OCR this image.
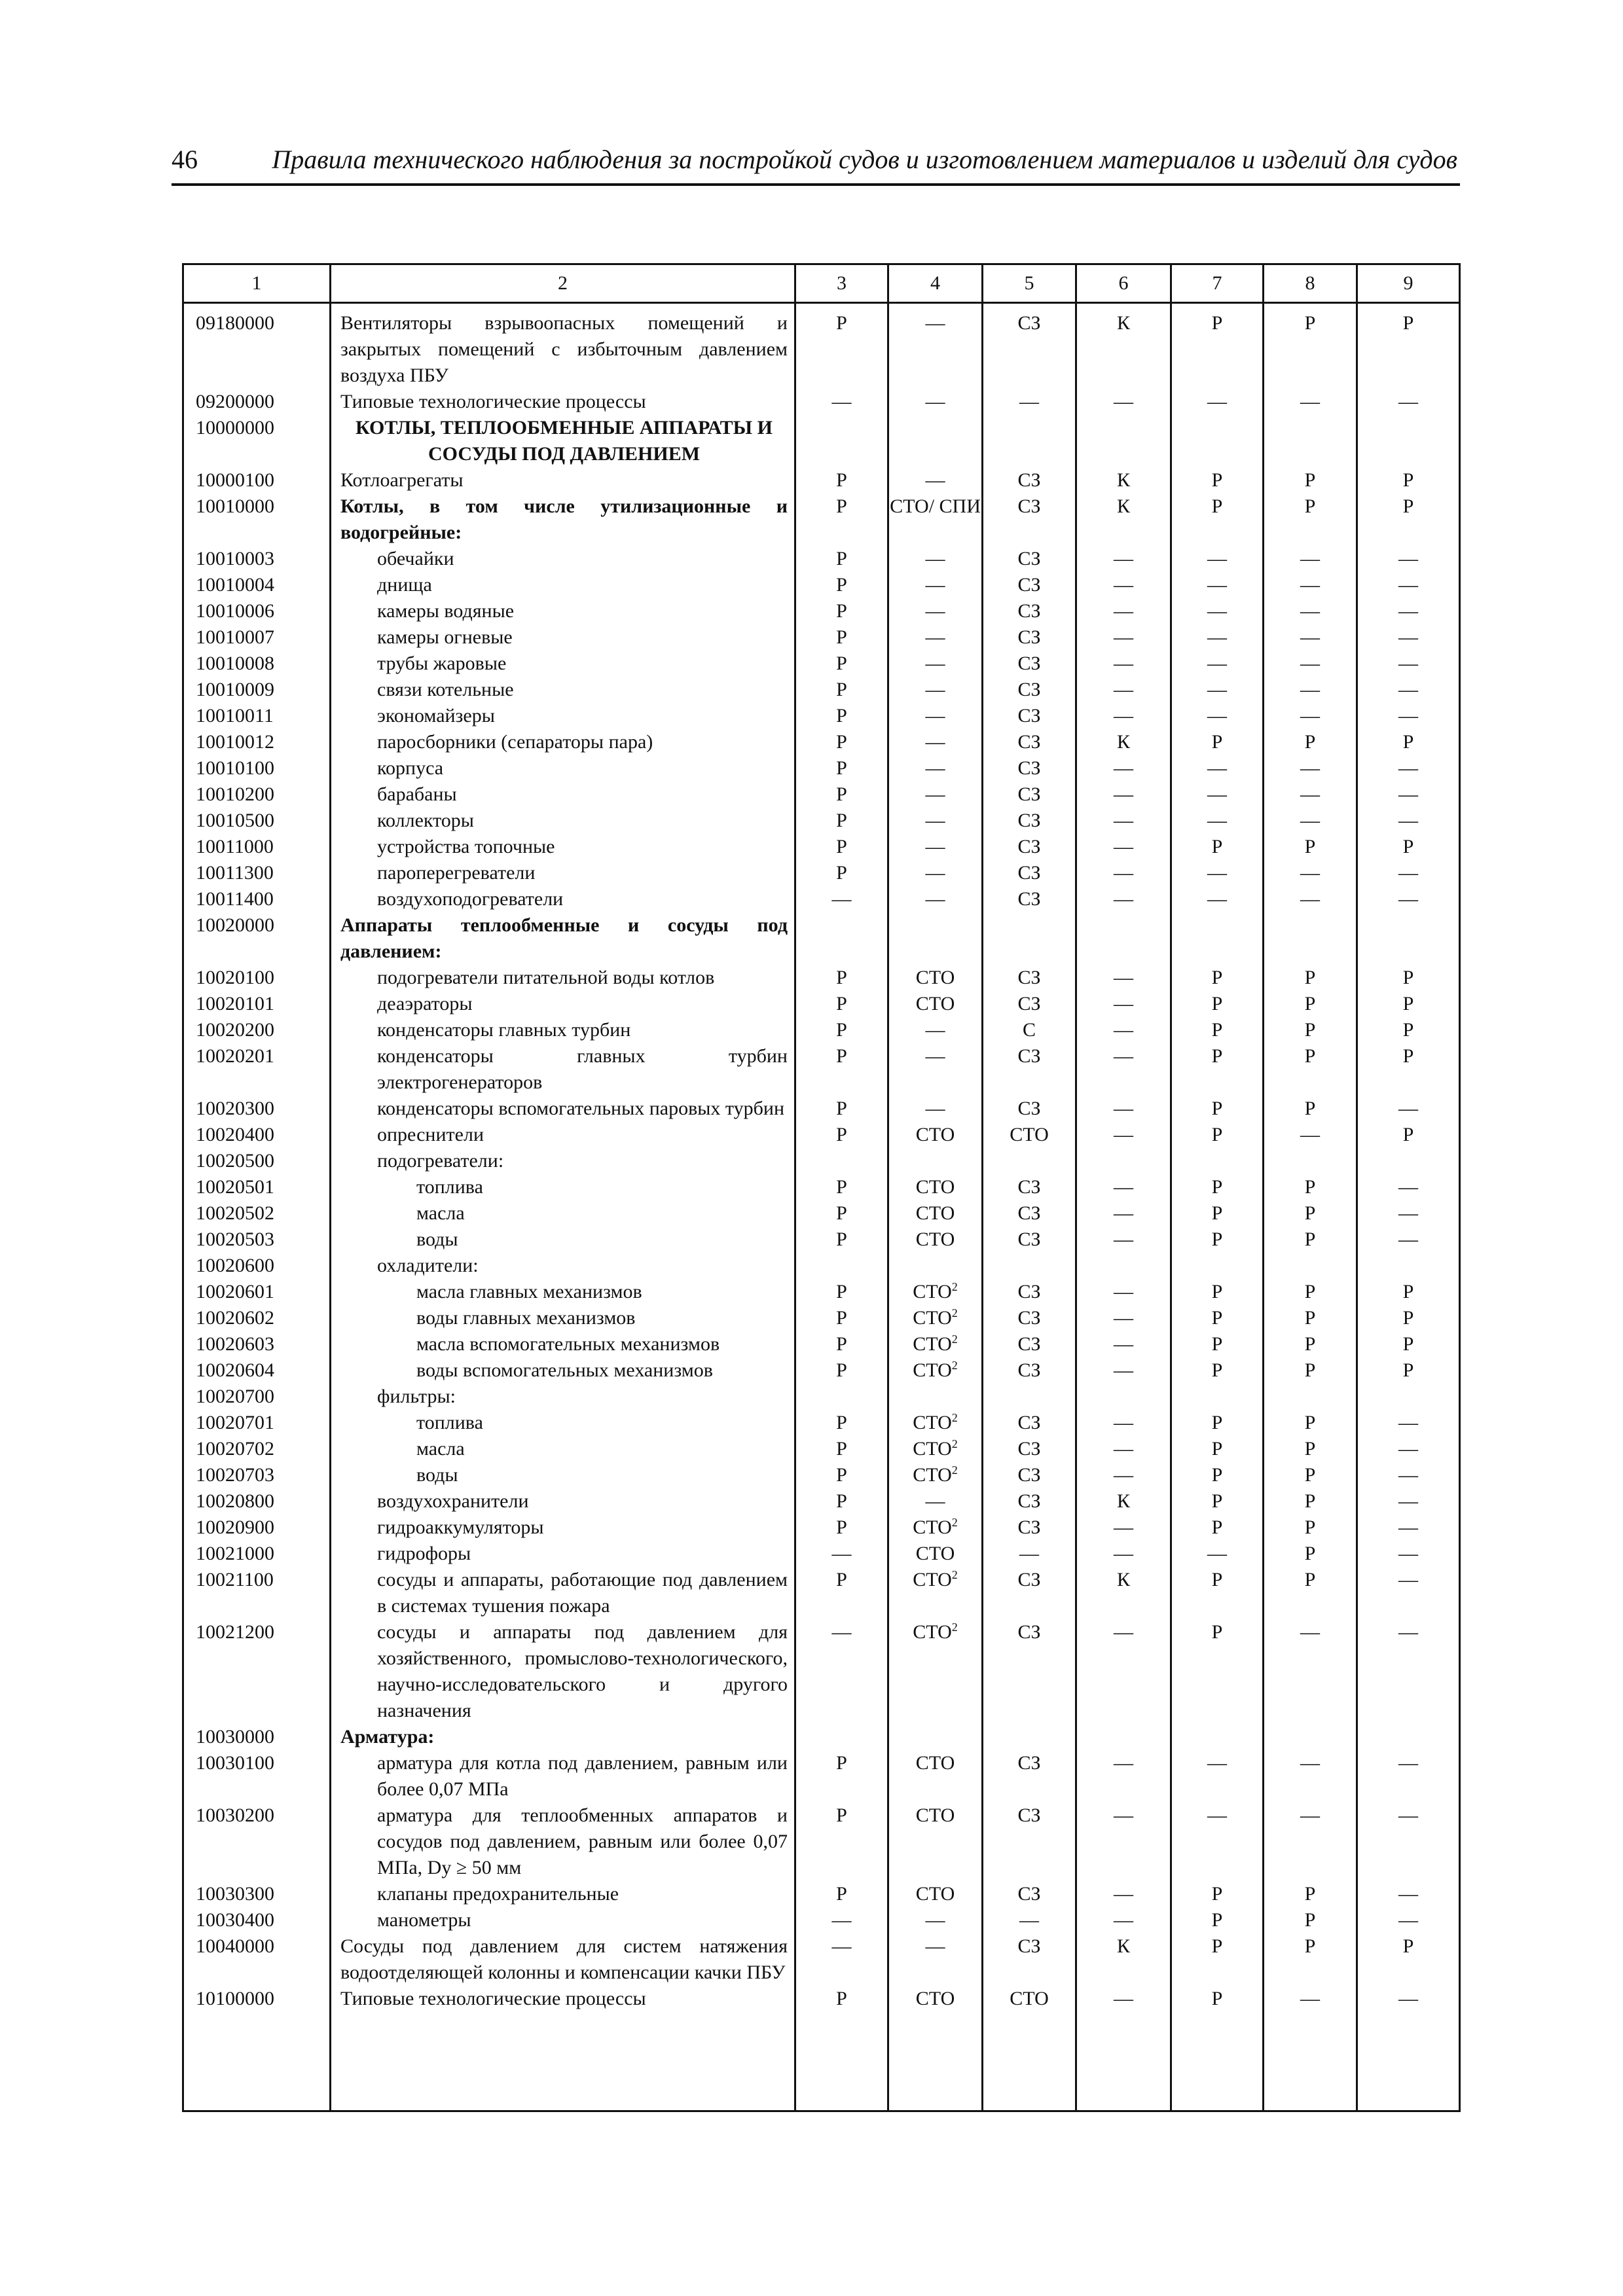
46	Правила технического наблюдения за постройкой судов и изготовлением материалов и изделий для судов
1	2	3	4	5	6	7	8	9
09180000	Вентиляторы взрывоопасных помещений и закрытых помещений с избыточным давлением воздуха ПБУ	Р	—	СЗ	К	Р	Р	Р
09200000	Типовые технологические процессы	—	—	—	—	—	—	—
10000000	КОТЛЫ, ТЕПЛООБМЕННЫЕ АППАРАТЫ И СОСУДЫ ПОД ДАВЛЕНИЕМ							
10000100	Котлоагрегаты	Р	—	СЗ	К	Р	Р	Р
10010000	Котлы, в том числе утилизационные и водогрейные:	Р	СТО/ СПИ	СЗ	К	Р	Р	Р
10010003	обечайки	Р	—	СЗ	—	—	—	—
10010004	днища	Р	—	СЗ	—	—	—	—
10010006	камеры водяные	Р	—	СЗ	—	—	—	—
10010007	камеры огневые	Р	—	СЗ	—	—	—	—
10010008	трубы жаровые	Р	—	СЗ	—	—	—	—
10010009	связи котельные	Р	—	СЗ	—	—	—	—
10010011	экономайзеры	Р	—	СЗ	—	—	—	—
10010012	паросборники (сепараторы пара)	Р	—	СЗ	К	Р	Р	Р
10010100	корпуса	Р	—	СЗ	—	—	—	—
10010200	барабаны	Р	—	СЗ	—	—	—	—
10010500	коллекторы	Р	—	СЗ	—	—	—	—
10011000	устройства топочные	Р	—	СЗ	—	Р	Р	Р
10011300	пароперегреватели	Р	—	СЗ	—	—	—	—
10011400	воздухоподогреватели	—	—	СЗ	—	—	—	—
10020000	Аппараты теплообменные и сосуды под давлением:							
10020100	подогреватели питательной воды котлов	Р	СТО	СЗ	—	Р	Р	Р
10020101	деаэраторы	Р	СТО	СЗ	—	Р	Р	Р
10020200	конденсаторы главных турбин	Р	—	С	—	Р	Р	Р
10020201	конденсаторы главных турбин электрогенераторов	Р	—	СЗ	—	Р	Р	Р
10020300	конденсаторы вспомогательных паровых турбин	Р	—	СЗ	—	Р	Р	—
10020400	опреснители	Р	СТО	СТО	—	Р	—	Р
10020500	подогреватели:							
10020501	топлива	Р	СТО	СЗ	—	Р	Р	—
10020502	масла	Р	СТО	СЗ	—	Р	Р	—
10020503	воды	Р	СТО	СЗ	—	Р	Р	—
10020600	охладители:							
10020601	масла главных механизмов	Р	СТО$^2$	СЗ	—	Р	Р	Р
10020602	воды главных механизмов	Р	СТО$^2$	СЗ	—	Р	Р	Р
10020603	масла вспомогательных механизмов	Р	СТО$^2$	СЗ	—	Р	Р	Р
10020604	воды вспомогательных механизмов	Р	СТО$^2$	СЗ	—	Р	Р	Р
10020700	фильтры:							
10020701	топлива	Р	СТО$^2$	СЗ	—	Р	Р	—
10020702	масла	Р	СТО$^2$	СЗ	—	Р	Р	—
10020703	воды	Р	СТО$^2$	СЗ	—	Р	Р	—
10020800	воздухохранители	Р	—	СЗ	К	Р	Р	—
10020900	гидроаккумуляторы	Р	СТО$^2$	СЗ	—	Р	Р	—
10021000	гидрофоры	—	СТО	—	—	—	Р	—
10021100	сосуды и аппараты, работающие под давлением в системах тушения пожара	Р	СТО$^2$	СЗ	К	Р	Р	—
10021200	сосуды и аппараты под давлением для хозяйственного, промыслово-технологического, научно-исследовательского и другого назначения	—	СТО$^2$	СЗ	—	Р	—	—
10030000	Арматура:							
10030100	арматура для котла под давлением, равным или более 0,07 МПа	Р	СТО	СЗ	—	—	—	—
10030200	арматура для теплообменных аппаратов и сосудов под давлением, равным или более 0,07 МПа, Dу ≥ 50 мм	Р	СТО	СЗ	—	—	—	—
10030300	клапаны предохранительные	Р	СТО	СЗ	—	Р	Р	—
10030400	манометры	—	—	—	—	Р	Р	—
10040000	Сосуды под давлением для систем натяжения водоотделяющей колонны и компенсации качки ПБУ	—	—	СЗ	К	Р	Р	Р
10100000	Типовые технологические процессы	Р	СТО	СТО	—	Р	—	—
